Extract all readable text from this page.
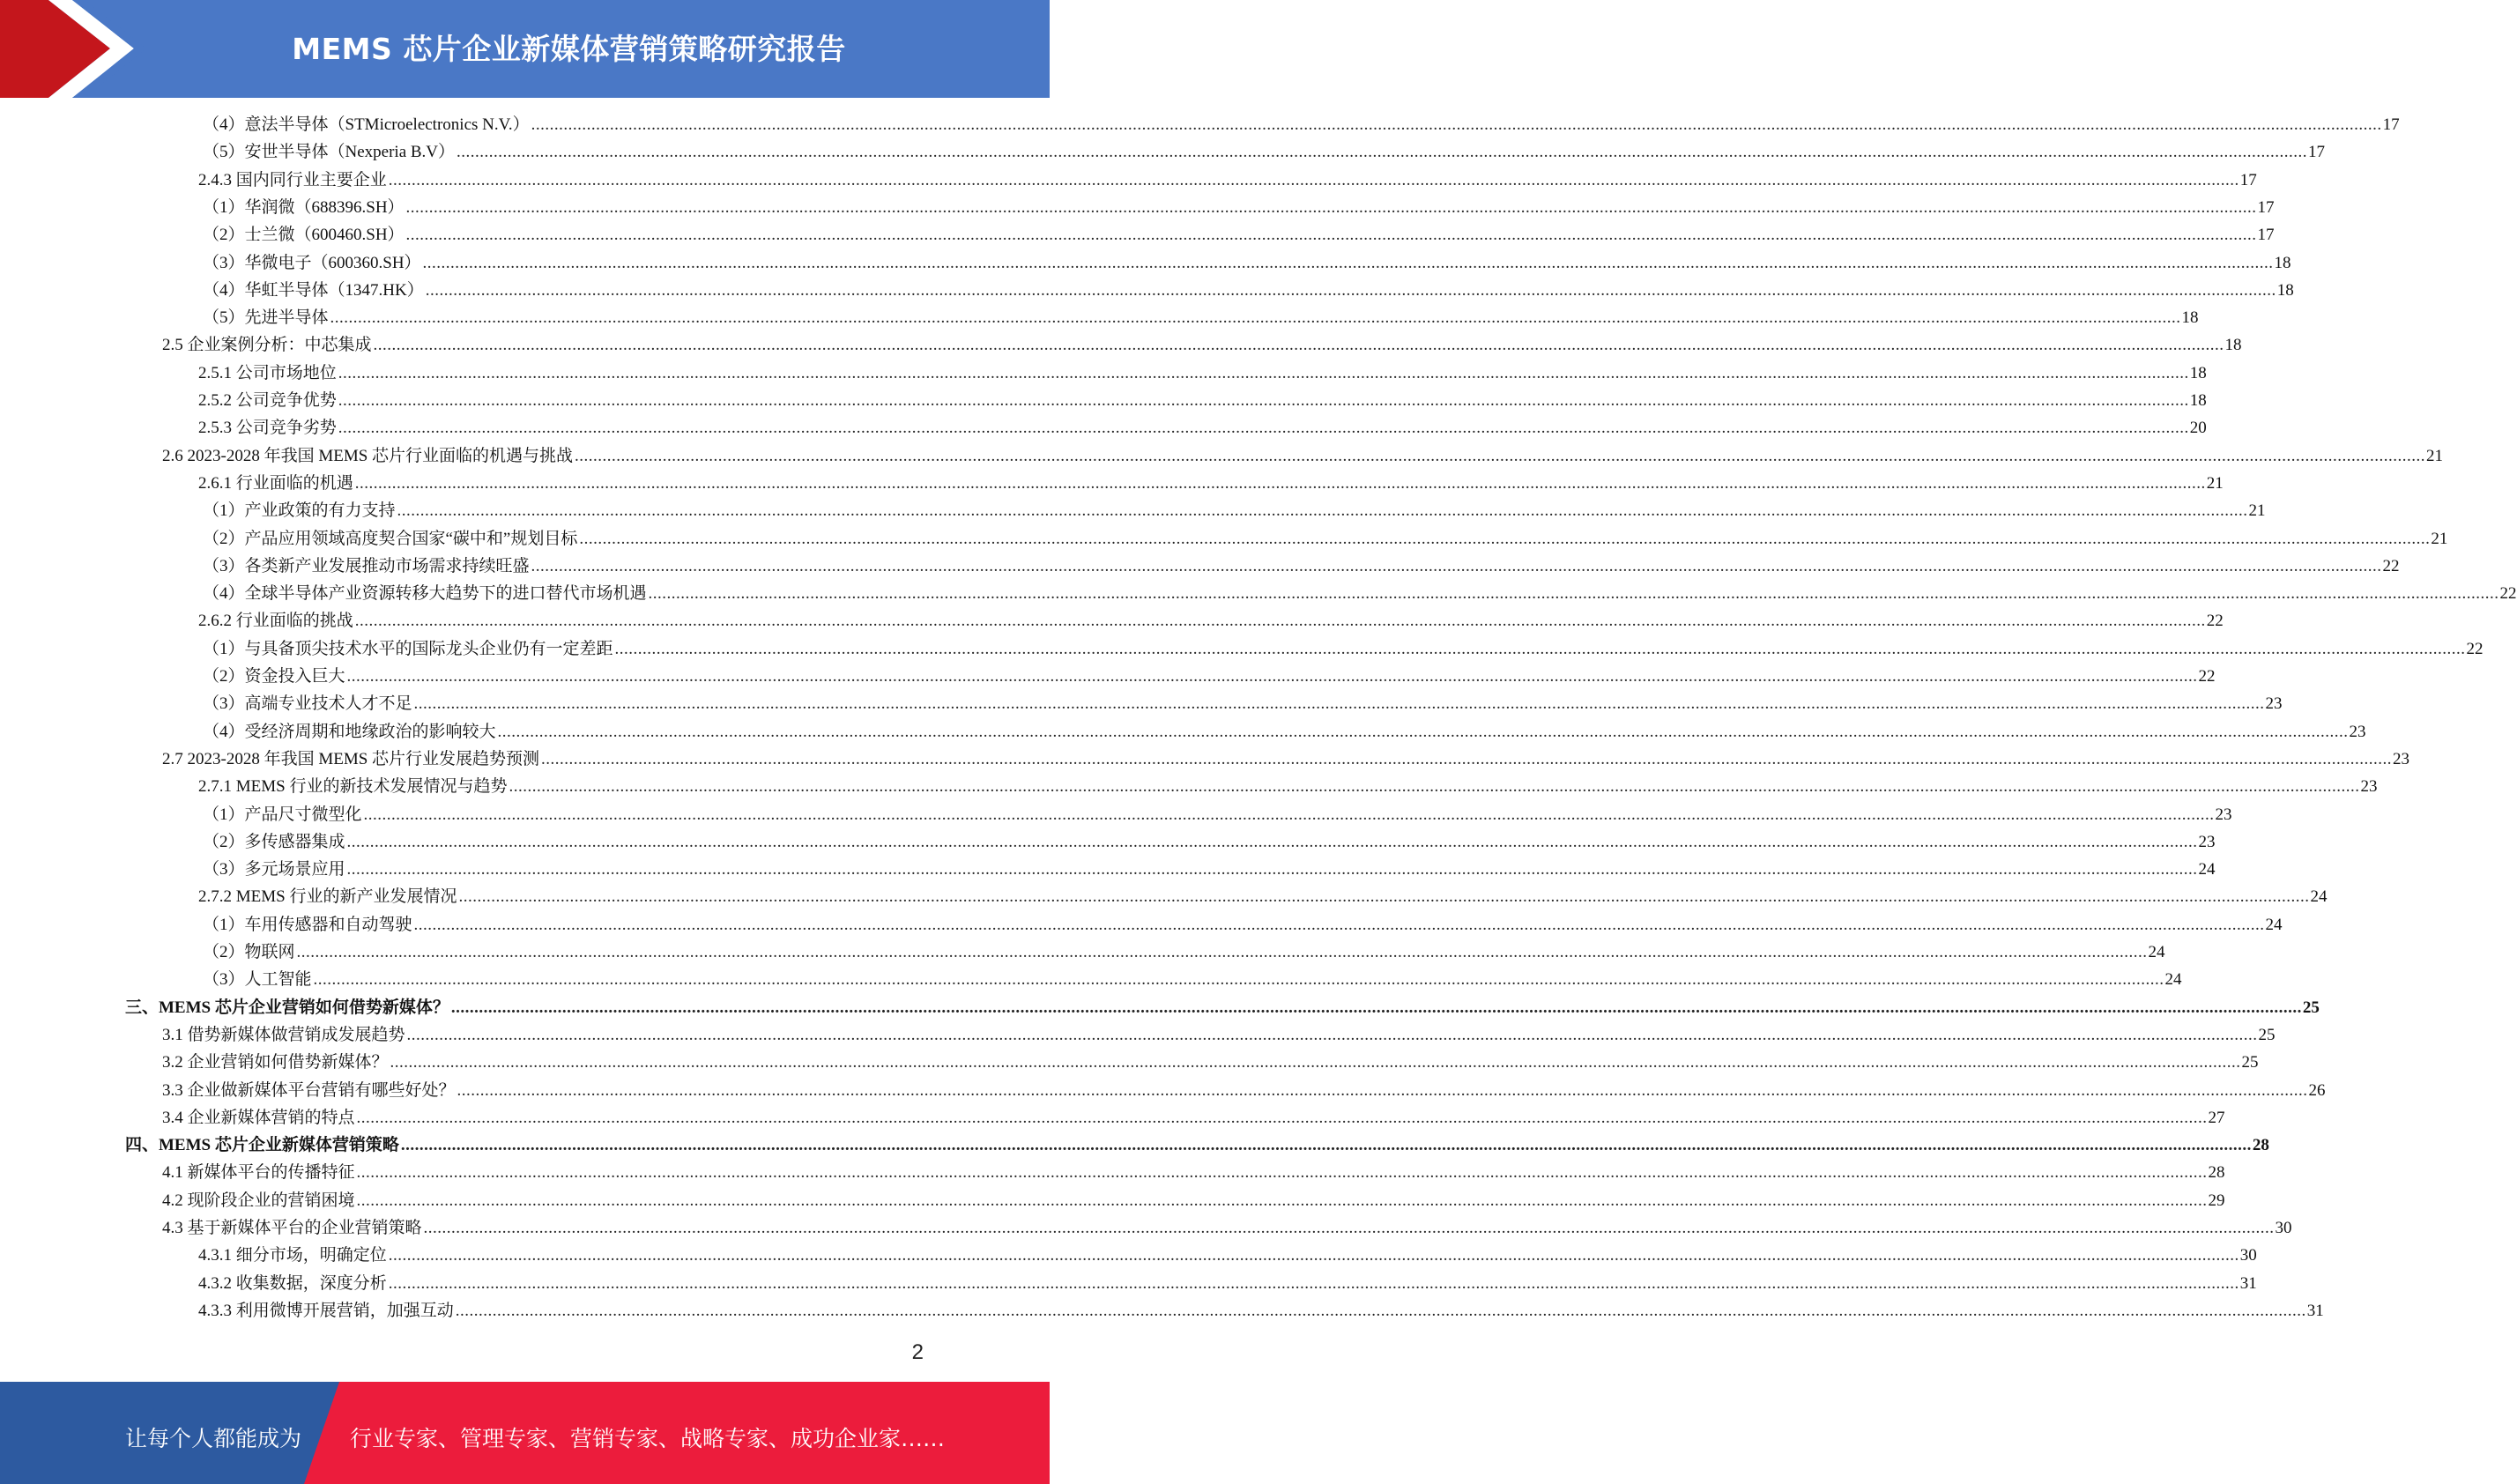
MEMS 芯片企业新媒体营销策略研究报告
（4）意法半导体（STMicroelectronics N.V.） ................................................................................................................................................................................................................................................................................................................................................................................................................ 17
（5）安世半导体（Nexperia B.V） ................................................................................................................................................................................................................................................................................................................................................................................................................ 17
2.4.3 国内同行业主要企业 ................................................................................................................................................................................................................................................................................................................................................................................................................ 17
（1）华润微（688396.SH） ................................................................................................................................................................................................................................................................................................................................................................................................................ 17
（2）士兰微（600460.SH） ................................................................................................................................................................................................................................................................................................................................................................................................................ 17
（3）华微电子（600360.SH） ................................................................................................................................................................................................................................................................................................................................................................................................................ 18
（4）华虹半导体（1347.HK） ................................................................................................................................................................................................................................................................................................................................................................................................................ 18
（5）先进半导体 ................................................................................................................................................................................................................................................................................................................................................................................................................ 18
2.5 企业案例分析：中芯集成 ................................................................................................................................................................................................................................................................................................................................................................................................................ 18
2.5.1 公司市场地位 ................................................................................................................................................................................................................................................................................................................................................................................................................ 18
2.5.2 公司竞争优势 ................................................................................................................................................................................................................................................................................................................................................................................................................ 18
2.5.3 公司竞争劣势 ................................................................................................................................................................................................................................................................................................................................................................................................................ 20
2.6 2023-2028 年我国 MEMS 芯片行业面临的机遇与挑战 ................................................................................................................................................................................................................................................................................................................................................................................................................ 21
2.6.1 行业面临的机遇 ................................................................................................................................................................................................................................................................................................................................................................................................................ 21
（1）产业政策的有力支持 ................................................................................................................................................................................................................................................................................................................................................................................................................ 21
（2）产品应用领域高度契合国家“碳中和”规划目标 ................................................................................................................................................................................................................................................................................................................................................................................................................ 21
（3）各类新产业发展推动市场需求持续旺盛 ................................................................................................................................................................................................................................................................................................................................................................................................................ 22
（4）全球半导体产业资源转移大趋势下的进口替代市场机遇 ................................................................................................................................................................................................................................................................................................................................................................................................................ 22
2.6.2 行业面临的挑战 ................................................................................................................................................................................................................................................................................................................................................................................................................ 22
（1）与具备顶尖技术水平的国际龙头企业仍有一定差距 ................................................................................................................................................................................................................................................................................................................................................................................................................ 22
（2）资金投入巨大 ................................................................................................................................................................................................................................................................................................................................................................................................................ 22
（3）高端专业技术人才不足 ................................................................................................................................................................................................................................................................................................................................................................................................................ 23
（4）受经济周期和地缘政治的影响较大 ................................................................................................................................................................................................................................................................................................................................................................................................................ 23
2.7 2023-2028 年我国 MEMS 芯片行业发展趋势预测 ................................................................................................................................................................................................................................................................................................................................................................................................................ 23
2.7.1 MEMS 行业的新技术发展情况与趋势 ................................................................................................................................................................................................................................................................................................................................................................................................................ 23
（1）产品尺寸微型化 ................................................................................................................................................................................................................................................................................................................................................................................................................ 23
（2）多传感器集成 ................................................................................................................................................................................................................................................................................................................................................................................................................ 23
（3）多元场景应用 ................................................................................................................................................................................................................................................................................................................................................................................................................ 24
2.7.2 MEMS 行业的新产业发展情况 ................................................................................................................................................................................................................................................................................................................................................................................................................ 24
（1）车用传感器和自动驾驶 ................................................................................................................................................................................................................................................................................................................................................................................................................ 24
（2）物联网 ................................................................................................................................................................................................................................................................................................................................................................................................................ 24
（3）人工智能 ................................................................................................................................................................................................................................................................................................................................................................................................................ 24
三、MEMS 芯片企业营销如何借势新媒体？ ................................................................................................................................................................................................................................................................................................................................................................................................................ 25
3.1 借势新媒体做营销成发展趋势 ................................................................................................................................................................................................................................................................................................................................................................................................................ 25
3.2 企业营销如何借势新媒体？ ................................................................................................................................................................................................................................................................................................................................................................................................................ 25
3.3 企业做新媒体平台营销有哪些好处？ ................................................................................................................................................................................................................................................................................................................................................................................................................ 26
3.4 企业新媒体营销的特点 ................................................................................................................................................................................................................................................................................................................................................................................................................ 27
四、MEMS 芯片企业新媒体营销策略 ................................................................................................................................................................................................................................................................................................................................................................................................................ 28
4.1 新媒体平台的传播特征 ................................................................................................................................................................................................................................................................................................................................................................................................................ 28
4.2 现阶段企业的营销困境 ................................................................................................................................................................................................................................................................................................................................................................................................................ 29
4.3 基于新媒体平台的企业营销策略 ................................................................................................................................................................................................................................................................................................................................................................................................................ 30
4.3.1 细分市场，明确定位 ................................................................................................................................................................................................................................................................................................................................................................................................................ 30
4.3.2 收集数据，深度分析 ................................................................................................................................................................................................................................................................................................................................................................................................................ 31
4.3.3 利用微博开展营销，加强互动 ................................................................................................................................................................................................................................................................................................................................................................................................................ 31
2
让每个人都能成为 行业专家、管理专家、营销专家、战略专家、成功企业家……
